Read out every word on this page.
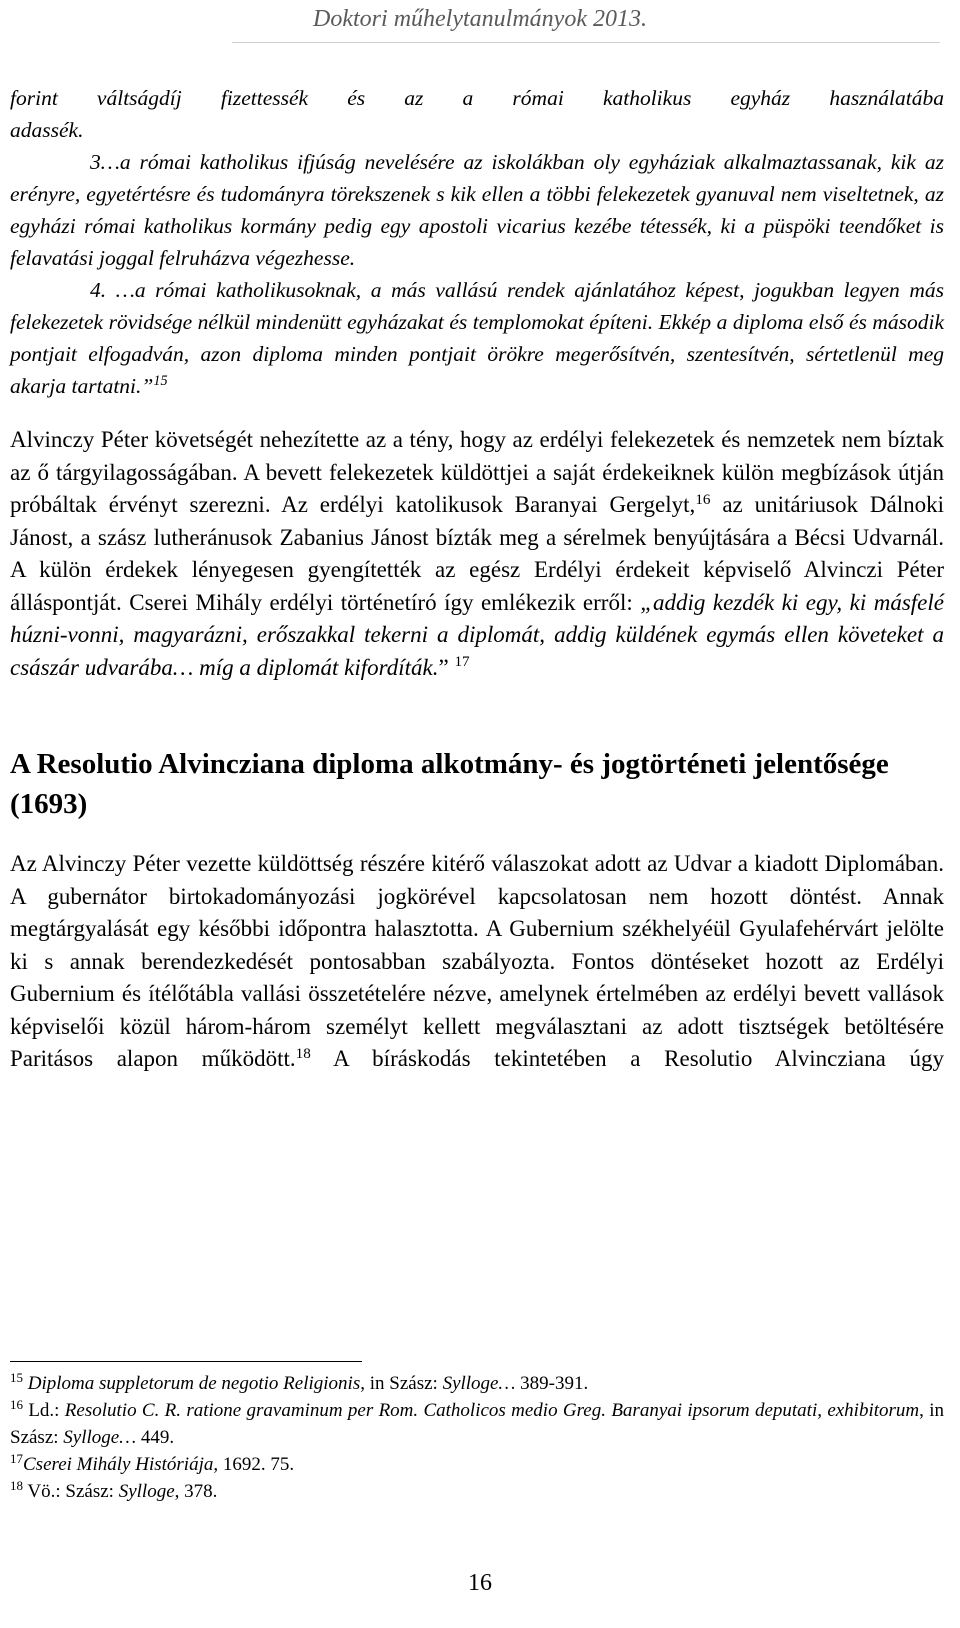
Doktori műhelytanulmányok 2013.

forint váltságdíj fizettessék és az a római katholikus egyház használatába

adassék.

3…a római katholikus ifjúság nevelésére az iskolákban oly egyháziak alkalmaztassanak, kik az erényre, egyetértésre és tudományra törekszenek s kik ellen a többi felekezetek gyanuval nem viseltetnek, az egyházi római katholikus kormány pedig egy apostoli vicarius kezébe tétessék, ki a püspöki teendőket is felavatási joggal felruházva végezhesse.

4. …a római katholikusoknak, a más vallású rendek ajánlatához képest, jogukban legyen más felekezetek rövidsége nélkül mindenütt egyházakat és templomokat építeni. Ekkép a diploma első és második pontjait elfogadván, azon diploma minden pontjait örökre megerősítvén, szentesítvén, sértetlenül meg akarja tartatni.”$^{15}$

Alvinczy Péter követségét nehezítette az a tény, hogy az erdélyi felekezetek és nemzetek nem bíztak az ő tárgyilagosságában. A bevett felekezetek küldöttjei a saját érdekeiknek külön megbízások útján próbáltak érvényt szerezni. Az erdélyi katolikusok Baranyai Gergelyt,$^{16}$ az unitáriusok Dálnoki Jánost, a szász lutheránusok Zabanius Jánost bízták meg a sérelmek benyújtására a Bécsi Udvarnál. A külön érdekek lényegesen gyengítették az egész Erdélyi érdekeit képviselő Alvinczi Péter álláspontját. Cserei Mihály erdélyi történetíró így emlékezik erről: „addig kezdék ki egy, ki másfelé húzni-vonni, magyarázni, erőszakkal tekerni a diplomát, addig küldének egymás ellen követeket a császár udvarába… míg a diplomát kifordíták.” $^{17}$

A Resolutio Alvincziana diploma alkotmány- és jogtörténeti jelentősége (1693)

Az Alvinczy Péter vezette küldöttség részére kitérő válaszokat adott az Udvar a kiadott Diplomában. A gubernátor birtokadományozási jogkörével kapcsolatosan nem hozott döntést. Annak megtárgyalását egy későbbi időpontra halasztotta. A Gubernium székhelyéül Gyulafehérvárt jelölte ki s annak berendezkedését pontosabban szabályozta. Fontos döntéseket hozott az Erdélyi Gubernium és ítélőtábla vallási összetételére nézve, amelynek értelmében az erdélyi bevett vallások képviselői közül három-három személyt kellett megválasztani az adott tisztségek betöltésére Paritásos alapon működött.$^{18}$ A bíráskodás tekintetében a Resolutio Alvincziana úgy

$^{15}$ Diploma suppletorum de negotio Religionis, in Szász: Sylloge… 389-391.

$^{16}$ Ld.: Resolutio C. R. ratione gravaminum per Rom. Catholicos medio Greg. Baranyai ipsorum deputati, exhibitorum, in Szász: Sylloge… 449.

$^{17}$Cserei Mihály Históriája, 1692. 75.

$^{18}$ Vö.: Szász: Sylloge, 378.

16
